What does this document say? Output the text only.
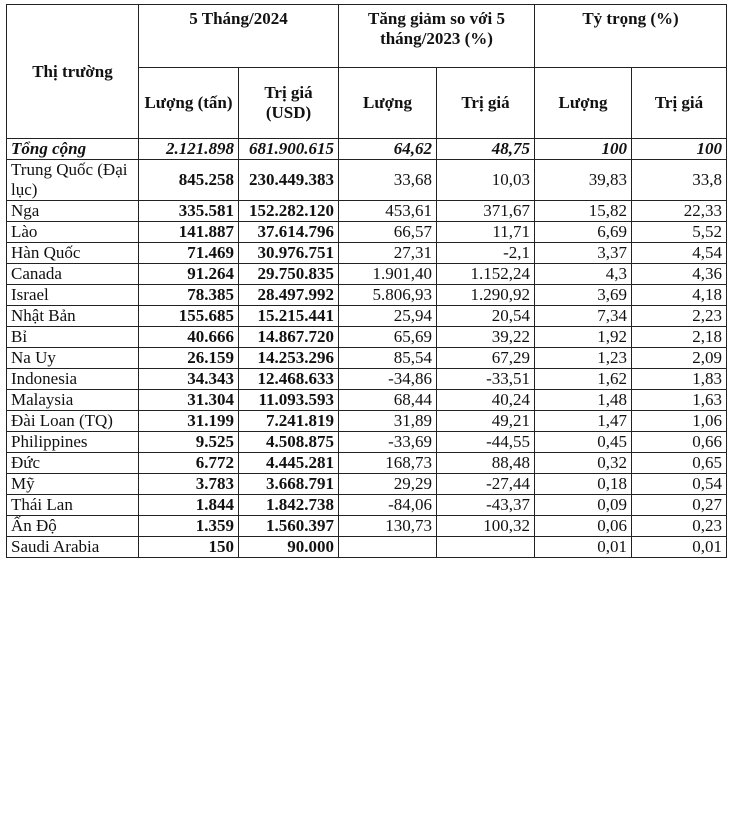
Thị trường	5 Tháng/2024		Tăng giảm so với 5 tháng/2023 (%)		Tỷ trọng (%)	
	Lượng (tấn)	Trị giá (USD)	Lượng	Trị giá	Lượng	Trị giá
Tổng cộng	2.121.898	681.900.615	64,62	48,75	100	100
Trung Quốc (Đại lục)	845.258	230.449.383	33,68	10,03	39,83	33,8
Nga	335.581	152.282.120	453,61	371,67	15,82	22,33
Lào	141.887	37.614.796	66,57	11,71	6,69	5,52
Hàn Quốc	71.469	30.976.751	27,31	-2,1	3,37	4,54
Canada	91.264	29.750.835	1.901,40	1.152,24	4,3	4,36
Israel	78.385	28.497.992	5.806,93	1.290,92	3,69	4,18
Nhật Bản	155.685	15.215.441	25,94	20,54	7,34	2,23
Bỉ	40.666	14.867.720	65,69	39,22	1,92	2,18
Na Uy	26.159	14.253.296	85,54	67,29	1,23	2,09
Indonesia	34.343	12.468.633	-34,86	-33,51	1,62	1,83
Malaysia	31.304	11.093.593	68,44	40,24	1,48	1,63
Đài Loan (TQ)	31.199	7.241.819	31,89	49,21	1,47	1,06
Philippines	9.525	4.508.875	-33,69	-44,55	0,45	0,66
Đức	6.772	4.445.281	168,73	88,48	0,32	0,65
Mỹ	3.783	3.668.791	29,29	-27,44	0,18	0,54
Thái Lan	1.844	1.842.738	-84,06	-43,37	0,09	0,27
Ấn Độ	1.359	1.560.397	130,73	100,32	0,06	0,23
Saudi Arabia	150	90.000			0,01	0,01
